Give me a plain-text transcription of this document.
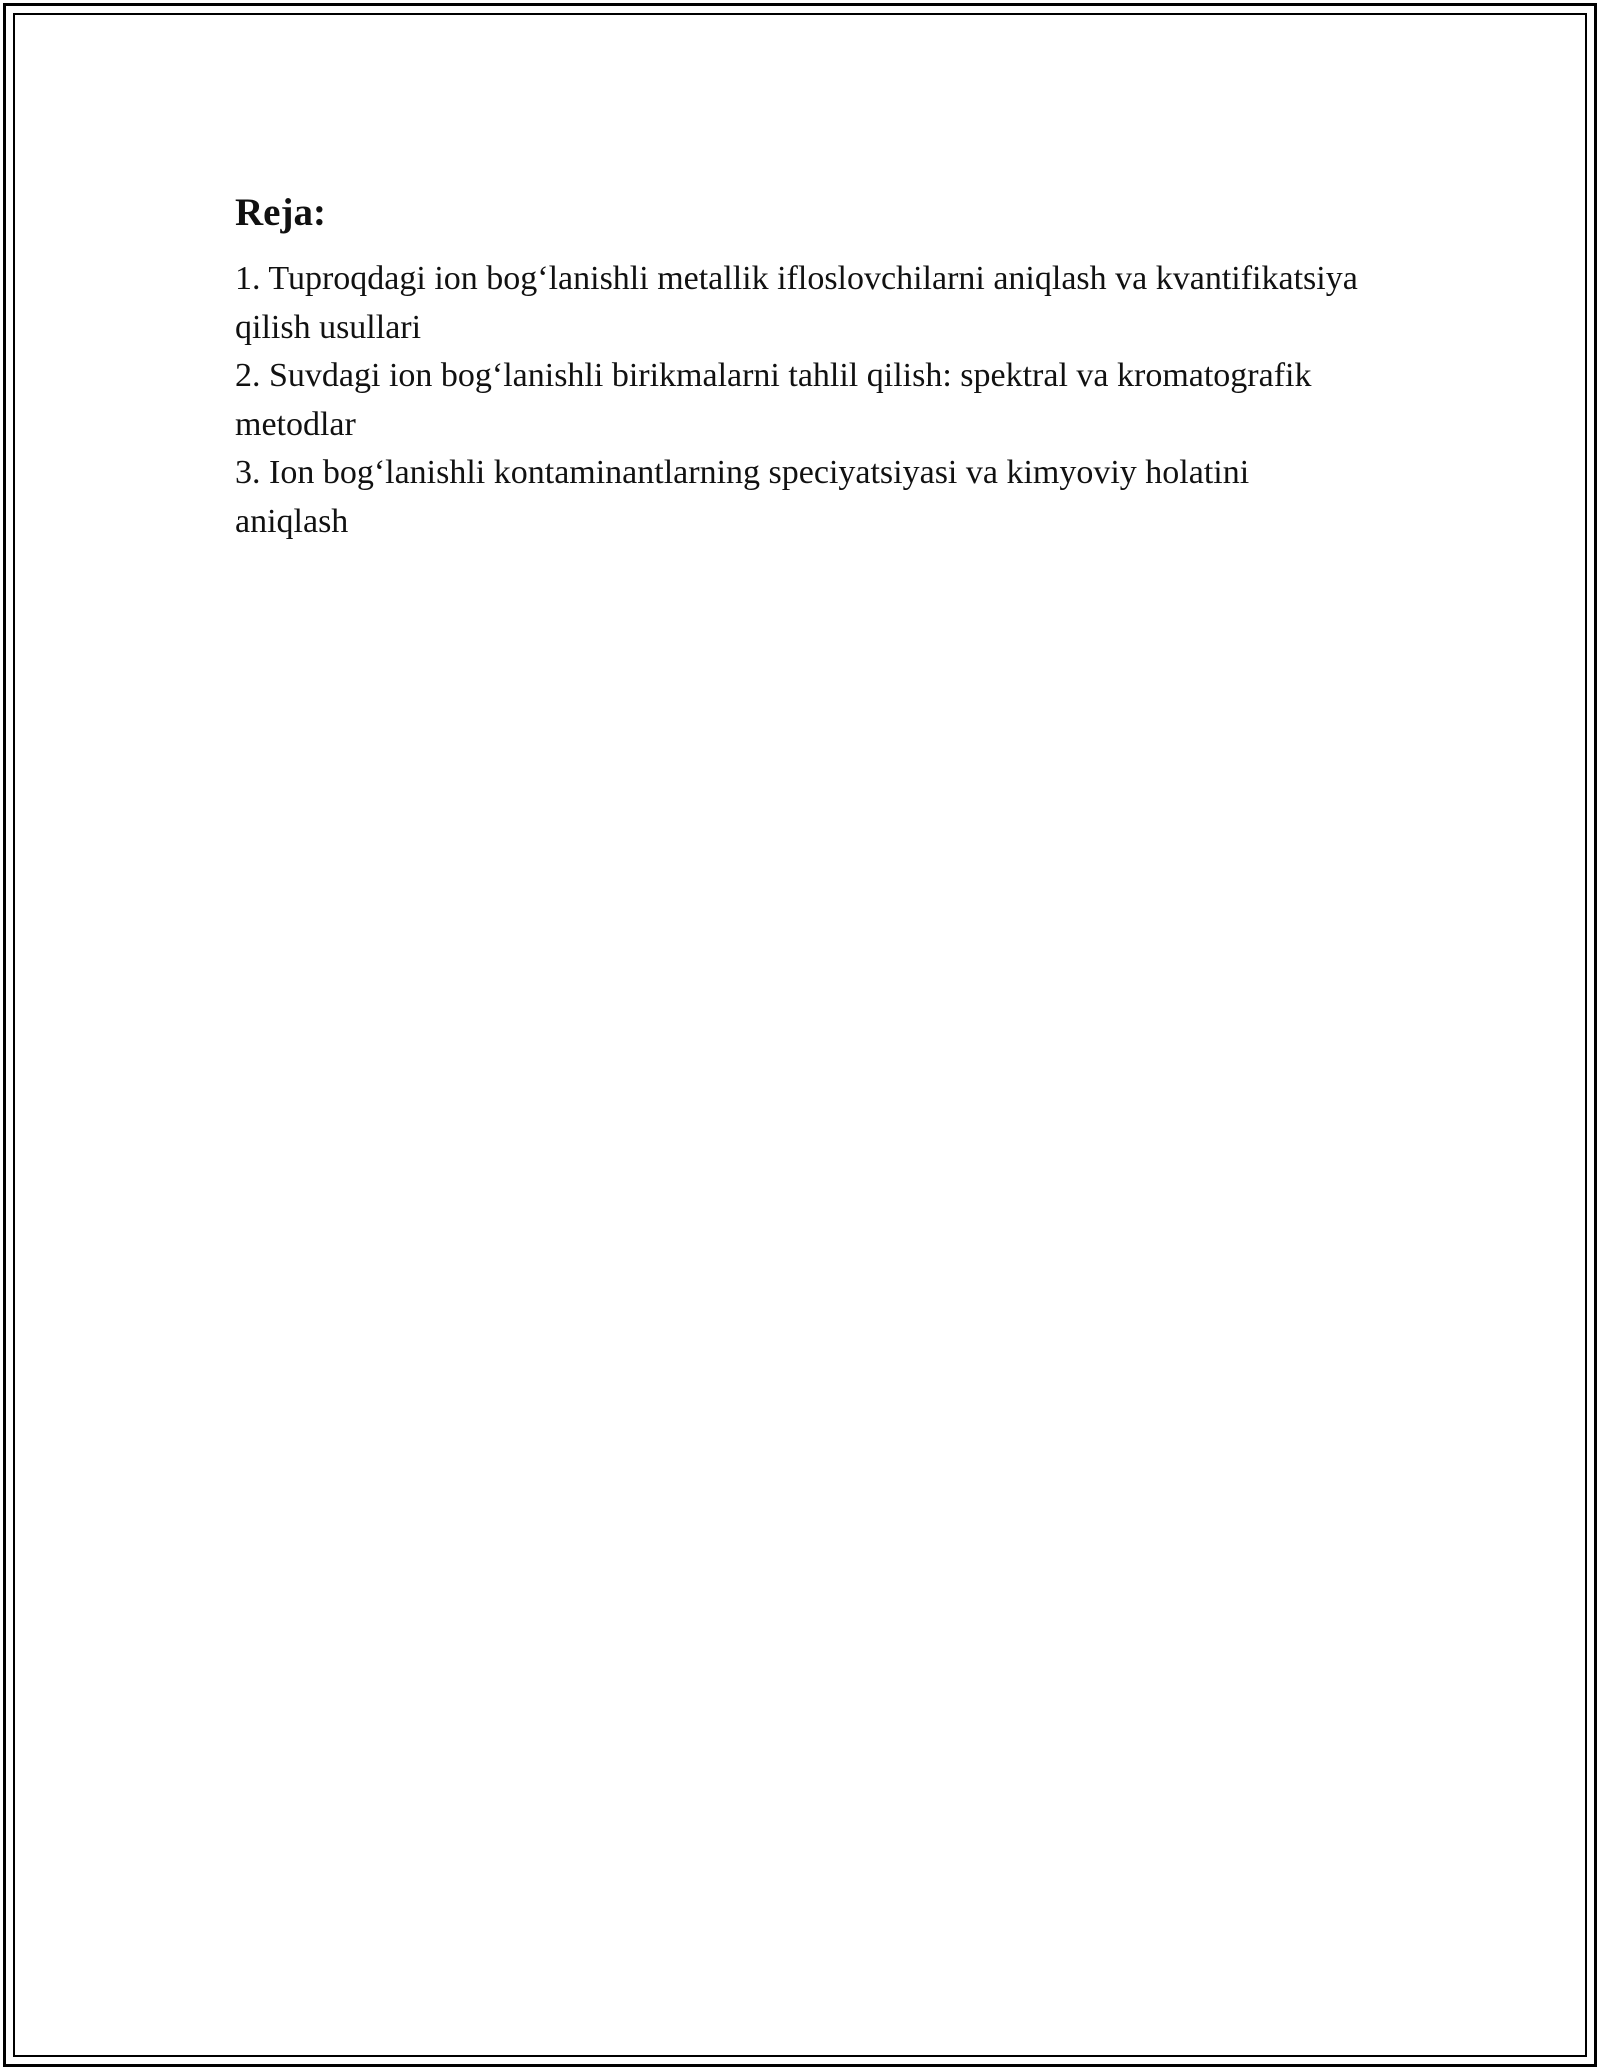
Reja:
1. Tuproqdagi ion bog‘lanishli metallik ifloslovchilarni aniqlash va kvantifikatsiya qilish usullari
2. Suvdagi ion bog‘lanishli birikmalarni tahlil qilish: spektral va kromatografik metodlar
3. Ion bog‘lanishli kontaminantlarning speciyatsiyasi va kimyoviy holatini aniqlash
